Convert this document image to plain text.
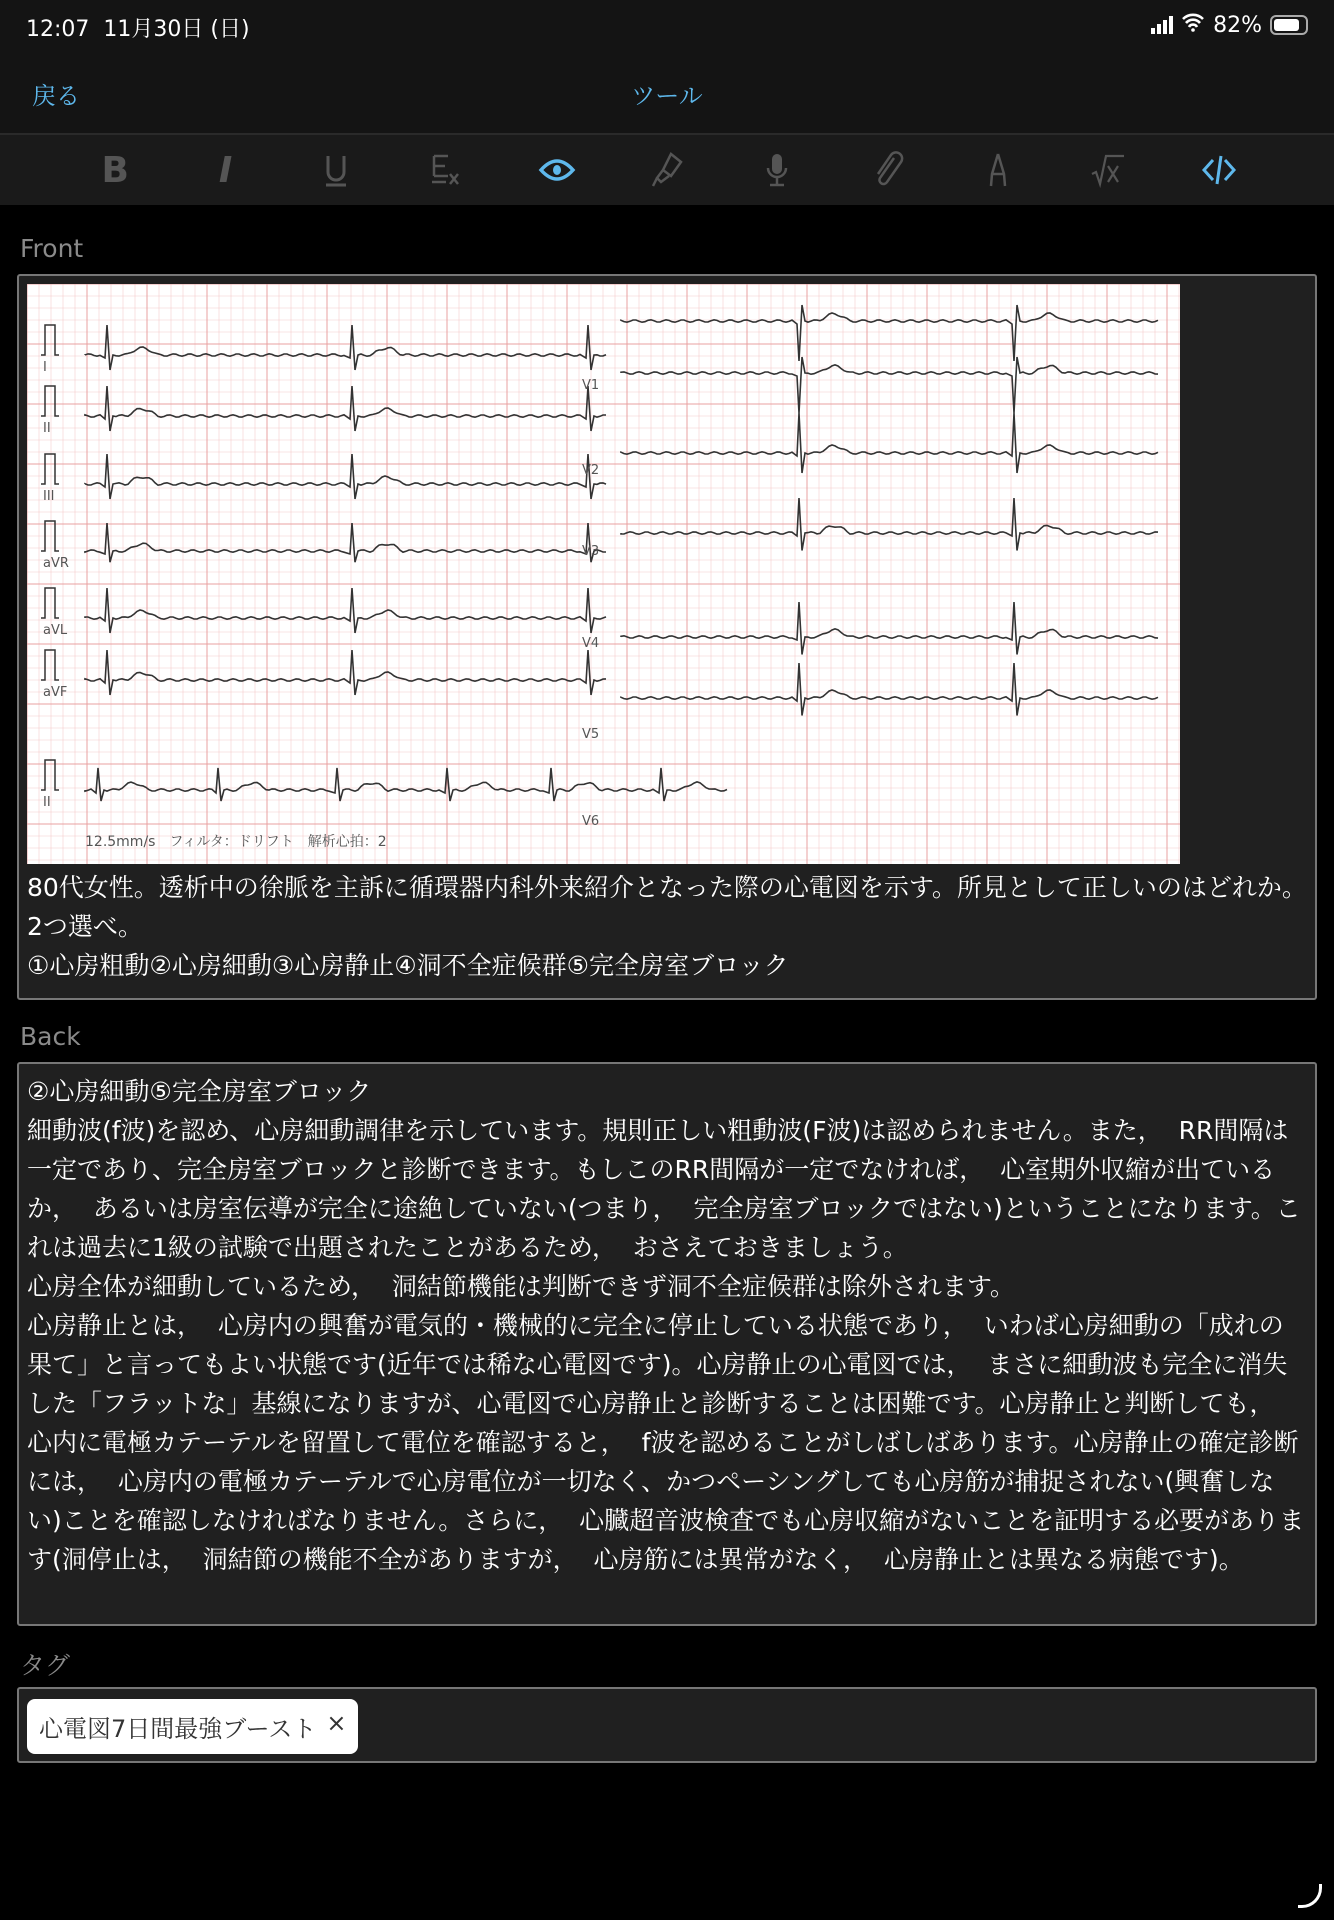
12:07 11月30日 (日)	82%
戻る	ツール
B	I
Front
I
II
III
aVR
aVL
aVF
V1
V2
V3
V4
V5
V6
II
12.5mm/s　フィルタ：ドリフト　解析心拍：2
80代女性。透析中の徐脈を主訴に循環器内科外来紹介となった際の心電図を示す。所見として正しいのはどれか。2つ選べ。
①心房粗動②心房細動③心房静止④洞不全症候群⑤完全房室ブロック
Back
②心房細動⑤完全房室ブロック
細動波(f波)を認め、心房細動調律を示しています。規則正しい粗動波(F波)は認められません。また，  RR間隔は一定であり、完全房室ブロックと診断できます。もしこのRR間隔が一定でなければ，  心室期外収縮が出ているか，  あるいは房室伝導が完全に途絶していない(つまり，  完全房室ブロックではない)ということになります。これは過去に1級の試験で出題されたことがあるため，  おさえておきましょう。
心房全体が細動しているため，  洞結節機能は判断できず洞不全症候群は除外されます。
心房静止とは，  心房内の興奮が電気的・機械的に完全に停止している状態であり，  いわば心房細動の「成れの果て」と言ってもよい状態です(近年では稀な心電図です)。心房静止の心電図では，  まさに細動波も完全に消失した「フラットな」基線になりますが、心電図で心房静止と診断することは困難です。心房静止と判断しても，  心内に電極カテーテルを留置して電位を確認すると，  f波を認めることがしばしばあります。心房静止の確定診断には，  心房内の電極カテーテルで心房電位が一切なく、かつペーシングしても心房筋が捕捉されない(興奮しない)ことを確認しなければなりません。さらに，  心臓超音波検査でも心房収縮がないことを証明する必要があります(洞停止は，  洞結節の機能不全がありますが，  心房筋には異常がなく，  心房静止とは異なる病態です)。
タグ
心電図7日間最強ブースト ×
